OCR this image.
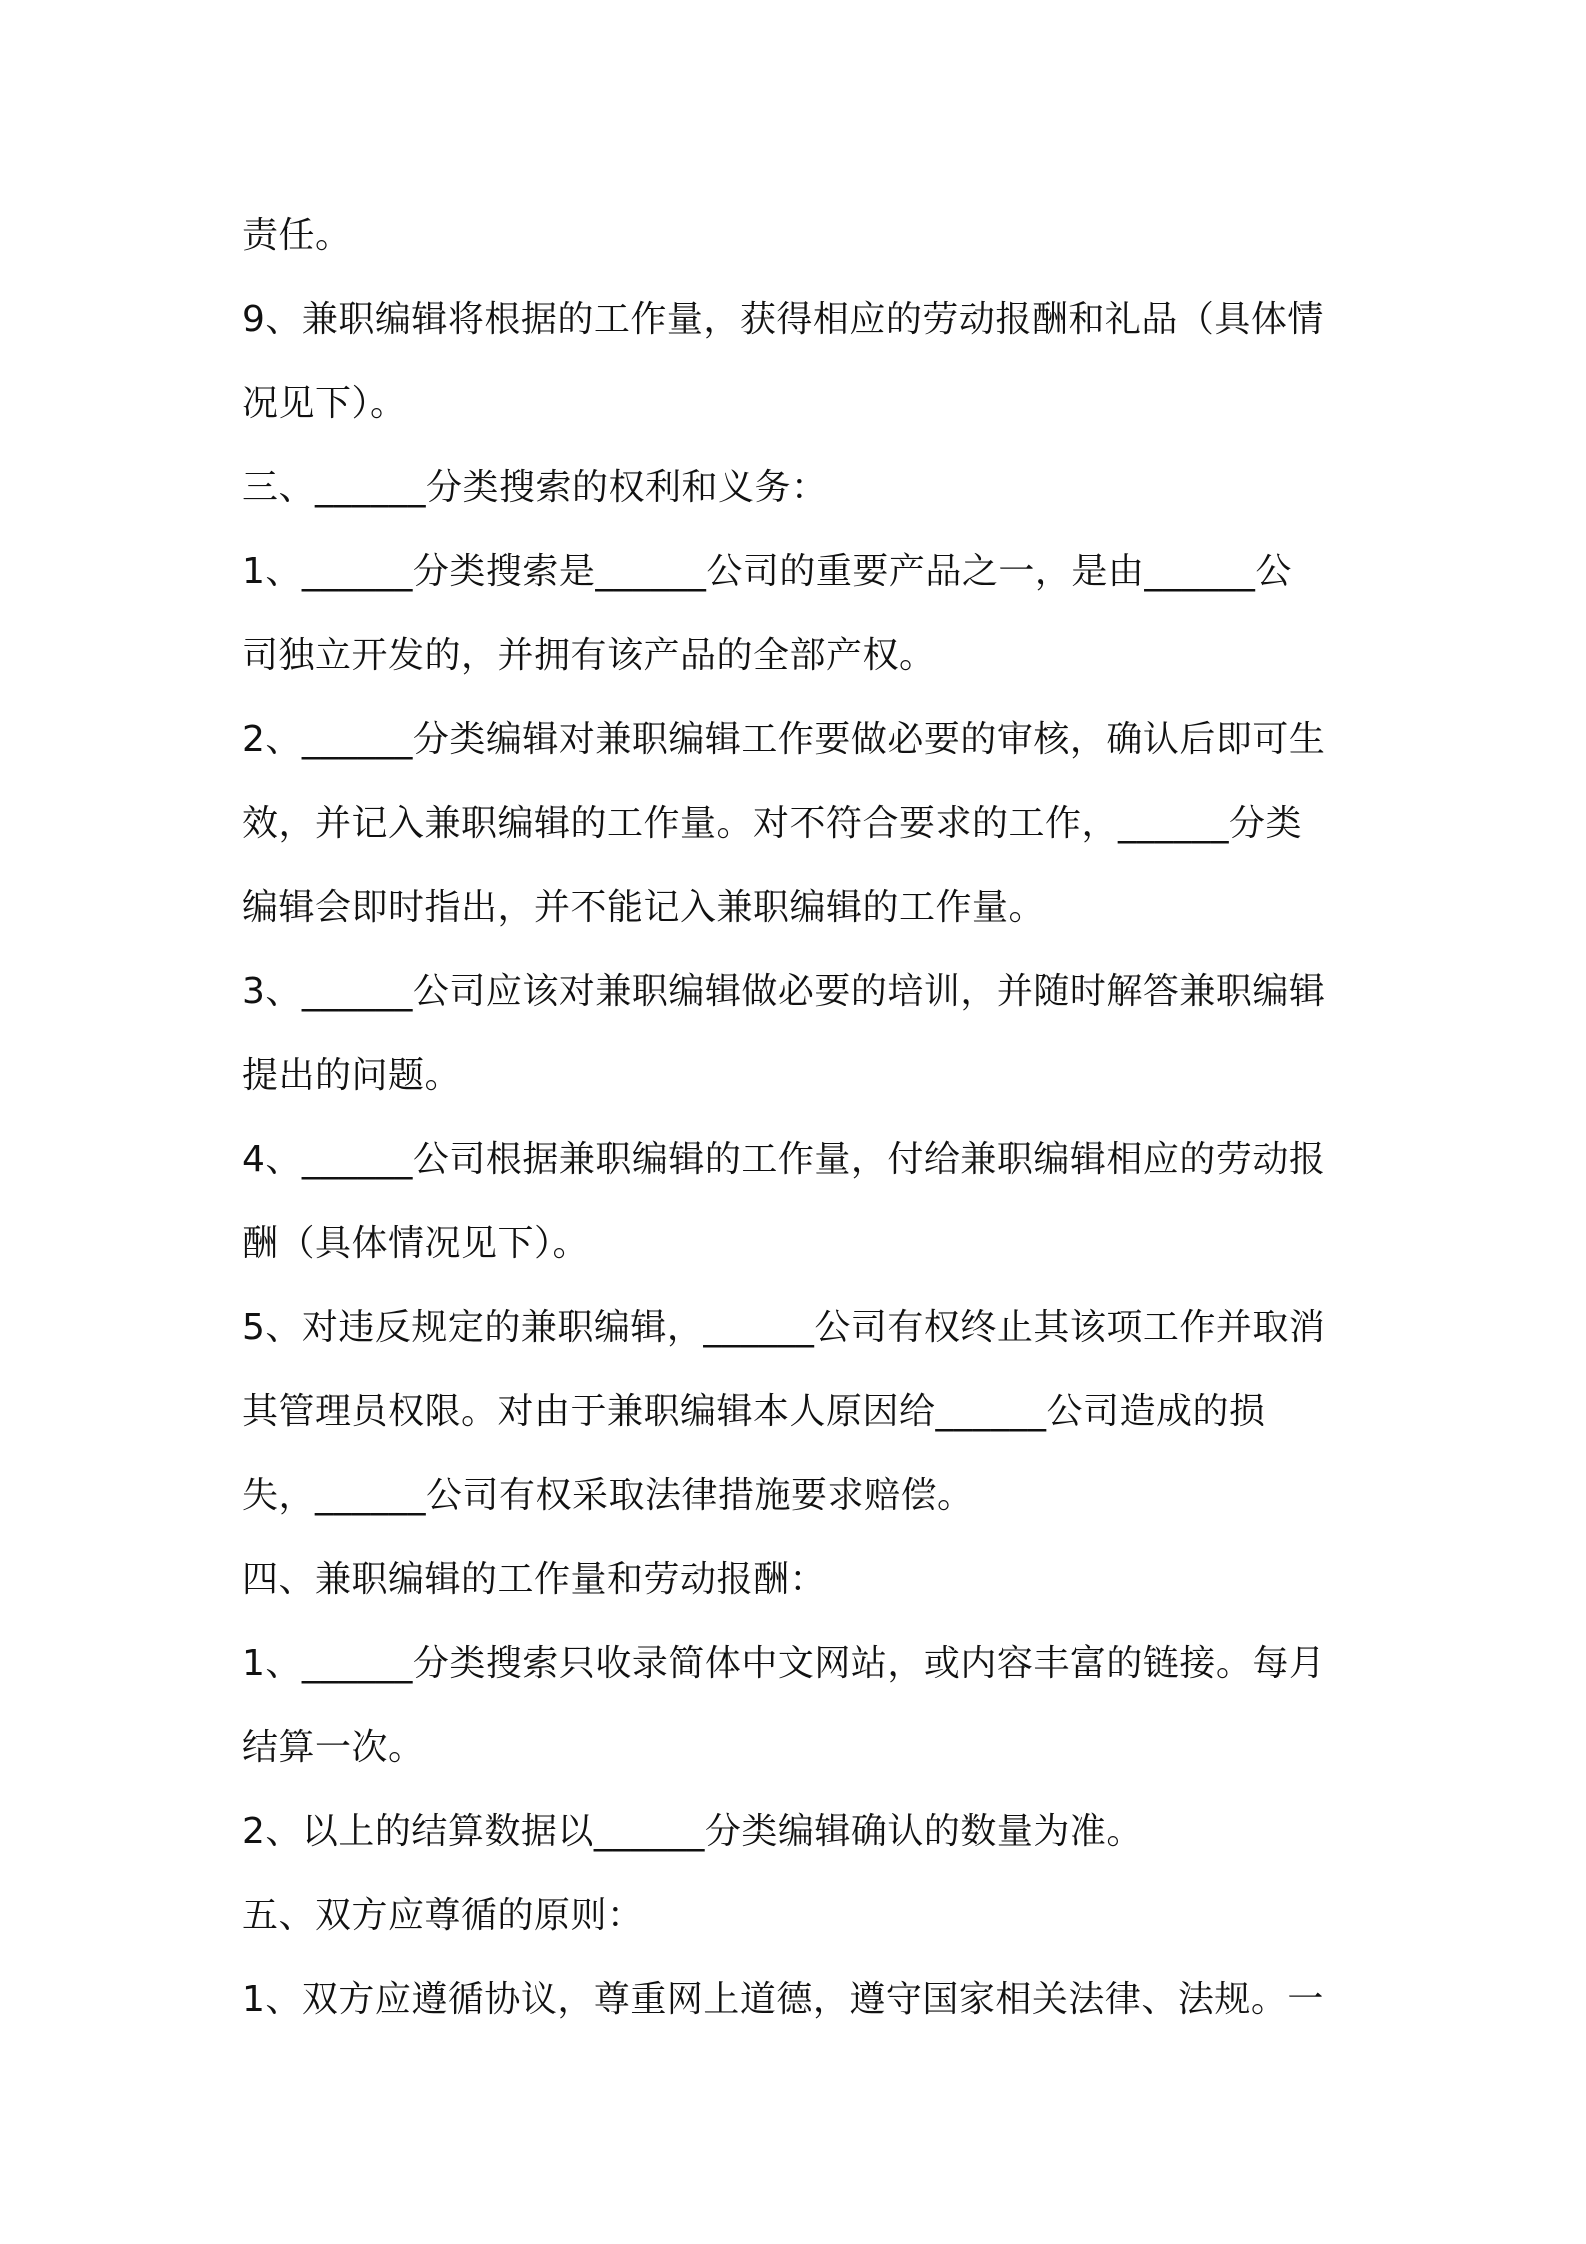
责任。

9、兼职编辑将根据的工作量，获得相应的劳动报酬和礼品（具体情

况见下）。

三、______分类搜索的权利和义务：

1、______分类搜索是______公司的重要产品之一，是由______公

司独立开发的，并拥有该产品的全部产权。

2、______分类编辑对兼职编辑工作要做必要的审核，确认后即可生

效，并记入兼职编辑的工作量。对不符合要求的工作，______分类

编辑会即时指出，并不能记入兼职编辑的工作量。

3、______公司应该对兼职编辑做必要的培训，并随时解答兼职编辑

提出的问题。

4、______公司根据兼职编辑的工作量，付给兼职编辑相应的劳动报

酬（具体情况见下）。

5、对违反规定的兼职编辑，______公司有权终止其该项工作并取消

其管理员权限。对由于兼职编辑本人原因给______公司造成的损

失，______公司有权采取法律措施要求赔偿。

四、兼职编辑的工作量和劳动报酬：

1、______分类搜索只收录简体中文网站，或内容丰富的链接。每月

结算一次。

2、以上的结算数据以______分类编辑确认的数量为准。

五、双方应尊循的原则：

1、双方应遵循协议，尊重网上道德，遵守国家相关法律、法规。一
